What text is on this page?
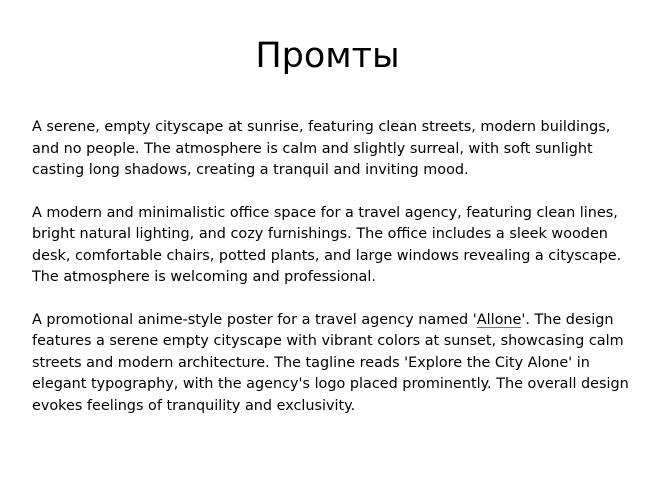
Промты

A serene, empty cityscape at sunrise, featuring clean streets, modern buildings,
and no people. The atmosphere is calm and slightly surreal, with soft sunlight
casting long shadows, creating a tranquil and inviting mood.

A modern and minimalistic office space for a travel agency, featuring clean lines,
bright natural lighting, and cozy furnishings. The office includes a sleek wooden
desk, comfortable chairs, potted plants, and large windows revealing a cityscape.
The atmosphere is welcoming and professional.

A promotional anime-style poster for a travel agency named 'Allone'. The design
features a serene empty cityscape with vibrant colors at sunset, showcasing calm
streets and modern architecture. The tagline reads 'Explore the City Alone' in
elegant typography, with the agency's logo placed prominently. The overall design
evokes feelings of tranquility and exclusivity.
